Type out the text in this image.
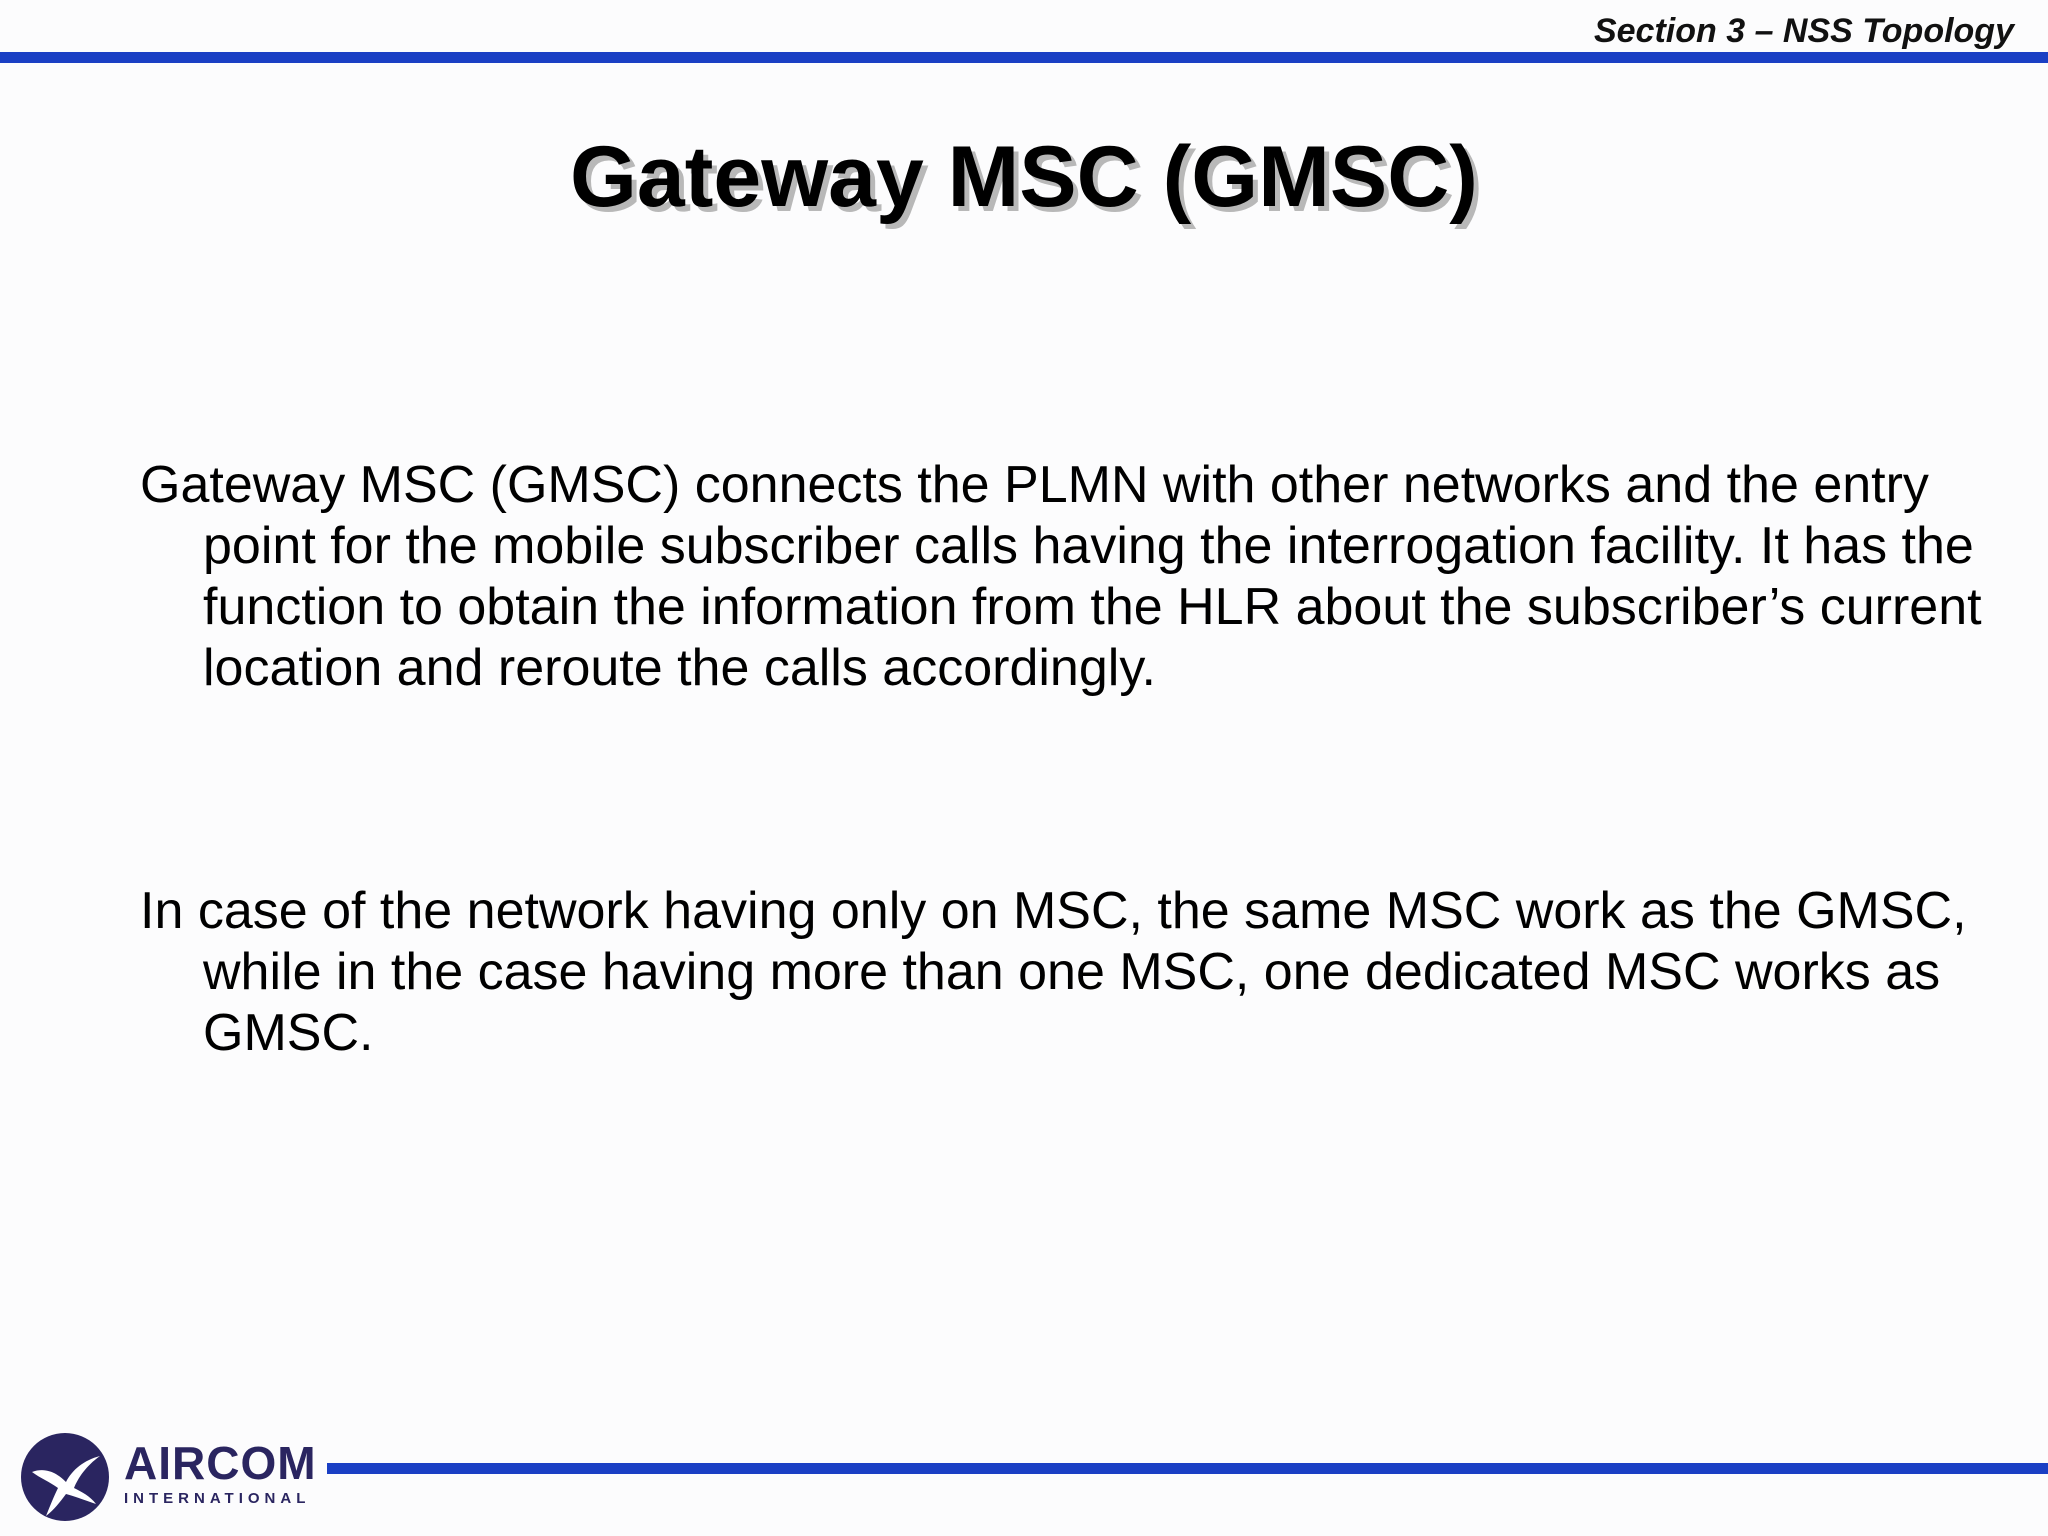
Section 3 – NSS Topology
Gateway MSC (GMSC)

Gateway MSC (GMSC) connects the PLMN with other networks and the entry point for the mobile subscriber calls having the interrogation facility. It has the function to obtain the information from the HLR about the subscriber’s current location and reroute the calls accordingly.

In case of the network having only on MSC, the same MSC work as the GMSC, while in the case having more than one MSC, one dedicated MSC works as GMSC.

AIRCOM
INTERNATIONAL
